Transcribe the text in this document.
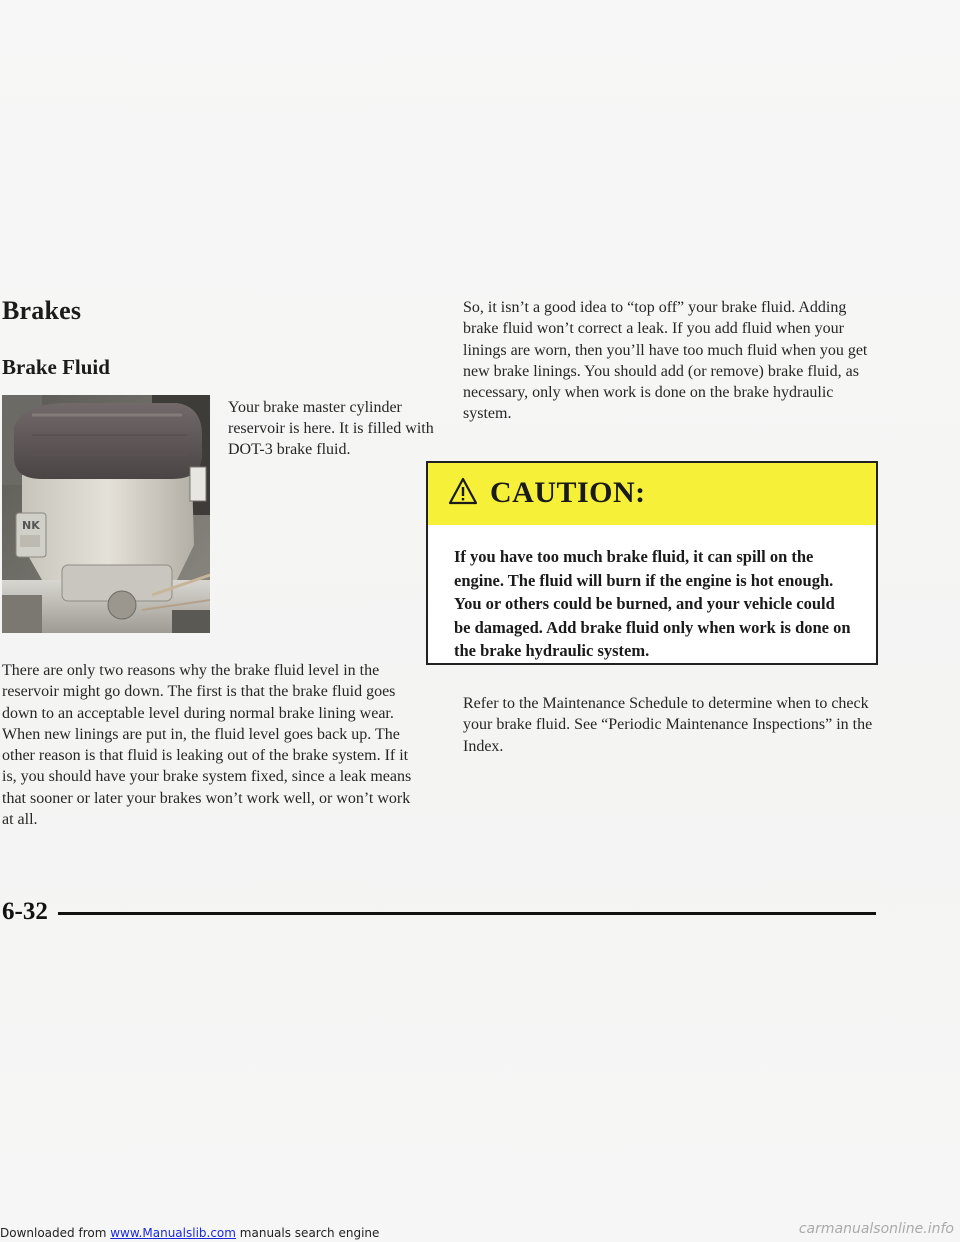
Brakes
Brake Fluid
NK

Your brake master cylinder reservoir is here. It is filled with DOT-3 brake fluid.

There are only two reasons why the brake fluid level in the reservoir might go down. The first is that the brake fluid goes down to an acceptable level during normal brake lining wear. When new linings are put in, the fluid level goes back up. The other reason is that fluid is leaking out of the brake system. If it is, you should have your brake system fixed, since a leak means that sooner or later your brakes won’t work well, or won’t work at all.

So, it isn’t a good idea to “top off” your brake fluid. Adding brake fluid won’t correct a leak. If you add fluid when your linings are worn, then you’ll have too much fluid when you get new brake linings. You should add (or remove) brake fluid, as necessary, only when work is done on the brake hydraulic system.

CAUTION:

If you have too much brake fluid, it can spill on the engine. The fluid will burn if the engine is hot enough. You or others could be burned, and your vehicle could be damaged. Add brake fluid only when work is done on the brake hydraulic system.

Refer to the Maintenance Schedule to determine when to check your brake fluid. See “Periodic Maintenance Inspections” in the Index.

6-32
Downloaded from www.Manualslib.com manuals search engine	carmanualsonline.info
